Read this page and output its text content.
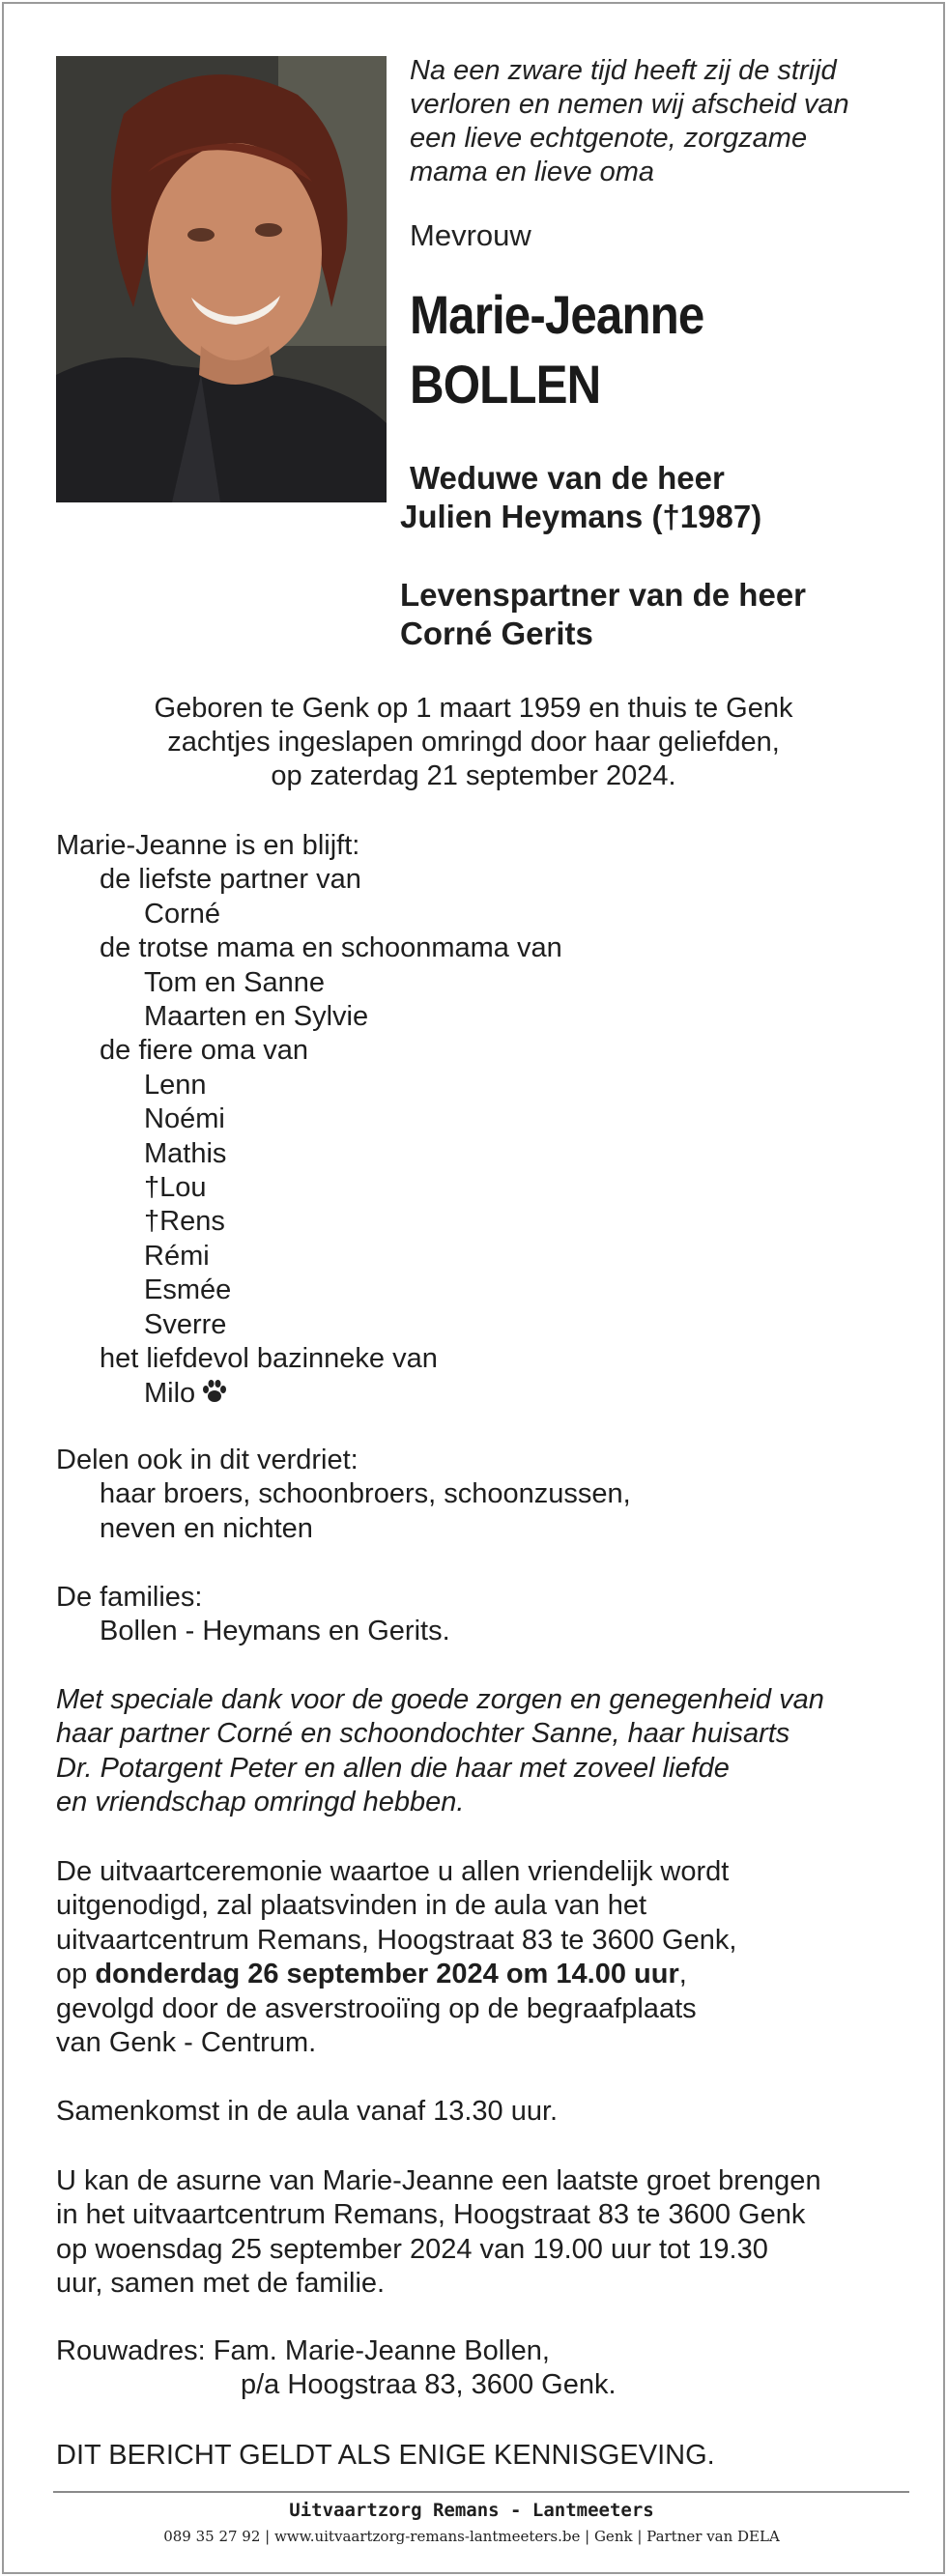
Na een zware tijd heeft zij de strijd
verloren en nemen wij afscheid van
een lieve echtgenote, zorgzame
mama en lieve oma
Mevrouw
Marie-Jeanne
BOLLEN
Weduwe van de heer
Julien Heymans (†1987)
Levenspartner van de heer
Corné Gerits
Geboren te Genk op 1 maart 1959 en thuis te Genk
zachtjes ingeslapen omringd door haar geliefden,
op zaterdag 21 september 2024.
Marie-Jeanne is en blijft:
de liefste partner van
Corné
de trotse mama en schoonmama van
Tom en Sanne
Maarten en Sylvie
de fiere oma van
Lenn
Noémi
Mathis
†Lou
†Rens
Rémi
Esmée
Sverre
het liefdevol bazinneke van
Milo
Delen ook in dit verdriet:
haar broers, schoonbroers, schoonzussen,
neven en nichten
De families:
Bollen - Heymans en Gerits.
Met speciale dank voor de goede zorgen en genegenheid van
haar partner Corné en schoondochter Sanne, haar huisarts
Dr. Potargent Peter en allen die haar met zoveel liefde
en vriendschap omringd hebben.
De uitvaartceremonie waartoe u allen vriendelijk wordt
uitgenodigd, zal plaatsvinden in de aula van het
uitvaartcentrum Remans, Hoogstraat 83 te 3600 Genk,
op donderdag 26 september 2024 om 14.00 uur,
gevolgd door de asverstrooiïng op de begraafplaats
van Genk - Centrum.
Samenkomst in de aula vanaf 13.30 uur.
U kan de asurne van Marie-Jeanne een laatste groet brengen
in het uitvaartcentrum Remans, Hoogstraat 83 te 3600 Genk
op woensdag 25 september 2024 van 19.00 uur tot 19.30
uur, samen met de familie.
Rouwadres: Fam. Marie-Jeanne Bollen,
p/a Hoogstraa 83, 3600 Genk.
DIT BERICHT GELDT ALS ENIGE KENNISGEVING.
Uitvaartzorg Remans - Lantmeeters
089 35 27 92 | www.uitvaartzorg-remans-lantmeeters.be | Genk | Partner van DELA
